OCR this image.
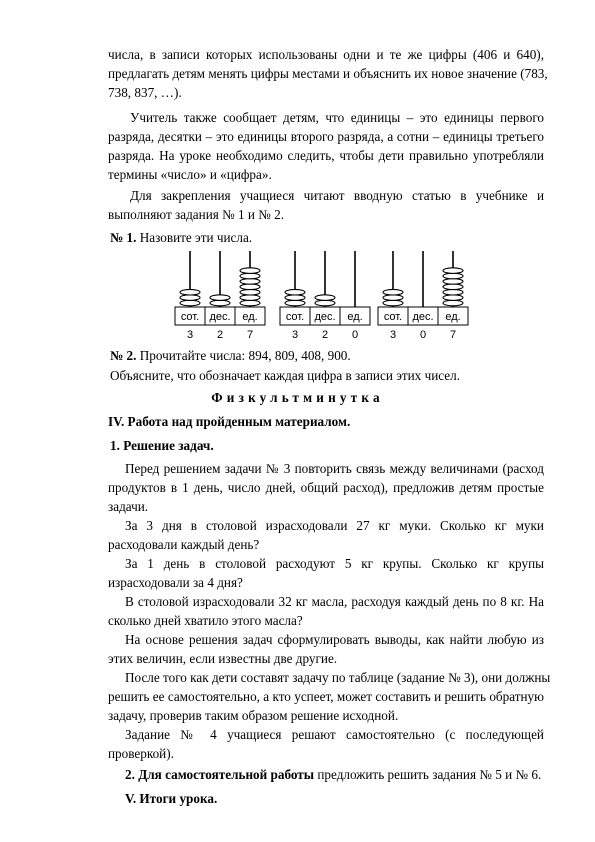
числа, в записи которых использованы одни и те же цифры (406 и 640),
предлагать детям менять цифры местами и объяснить их новое значение (783,
738, 837, …).
Учитель также сообщает детям, что единицы – это единицы первого
разряда, десятки – это единицы второго разряда, а сотни – единицы третьего
разряда. На уроке необходимо следить, чтобы дети правильно употребляли
термины «число» и «цифра».
Для закрепления учащиеся читают вводную статью в учебнике и
выполняют задания № 1 и № 2.
№ 1. Назовите эти числа.
сот.
3
дес.
2
ед.
7
сот.
3
дес.
2
ед.
0
сот.
3
дес.
0
ед.
7
№ 2. Прочитайте числа: 894, 809, 408, 900.
Объясните, что обозначает каждая цифра в записи этих чисел.
Физкультминутка
IV. Работа над пройденным материалом.
1. Решение задач.
Перед решением задачи № 3 повторить связь между величинами (расход
продуктов в 1 день, число дней, общий расход), предложив детям простые
задачи.
За 3 дня в столовой израсходовали 27 кг муки. Сколько кг муки
расходовали каждый день?
За 1 день в столовой расходуют 5 кг крупы. Сколько кг крупы
израсходовали за 4 дня?
В столовой израсходовали 32 кг масла, расходуя каждый день по 8 кг. На
сколько дней хватило этого масла?
На основе решения задач сформулировать выводы, как найти любую из
этих величин, если известны две другие.
После того как дети составят задачу по таблице (задание № 3), они должны
решить ее самостоятельно, а кто успеет, может составить и решить обратную
задачу, проверив таким образом решение исходной.
Задание № 4 учащиеся решают самостоятельно (с последующей
проверкой).
2. Для самостоятельной работы предложить решить задания № 5 и № 6.
V. Итоги урока.
